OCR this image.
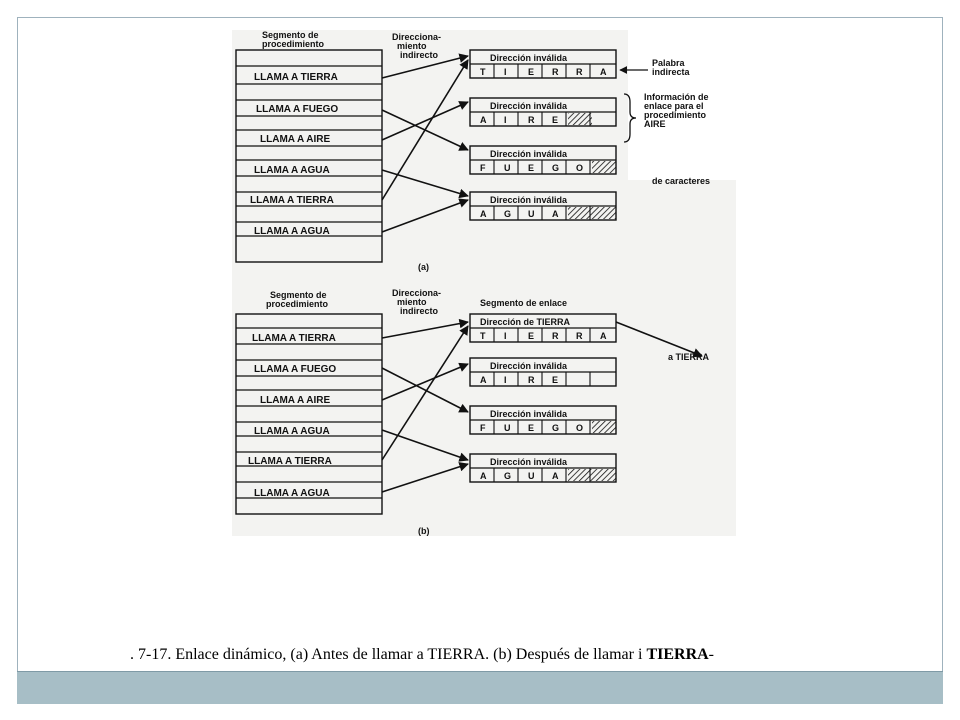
Segmento de
procedimiento
Direcciona-
miento
indirecto
LLAMA A TIERRA
LLAMA A FUEGO
LLAMA A AIRE
LLAMA A AGUA
LLAMA A TIERRA
LLAMA A AGUA
Dirección inválida
Dirección inválida
Dirección inválida
Dirección inválida
T I E R R A
A I R E
F U E G O
A G U A
Palabra
indirecta
Información de
enlace para el
procedimiento
AIRE
de caracteres
(a)
Segmento de
procedimiento
Direcciona-
miento
indirecto
Segmento de enlace
LLAMA A TIERRA
LLAMA A FUEGO
LLAMA A AIRE
LLAMA A AGUA
LLAMA A TIERRA
LLAMA A AGUA
Dirección de TIERRA
Dirección inválida
Dirección inválida
Dirección inválida
T I E R R A
A I R E
F U E G O
A G U A
a TIERRA
(b)
. 7-17. Enlace dinámico, (a) Antes de llamar a TIERRA. (b) Después de llamar i TIERRA-
